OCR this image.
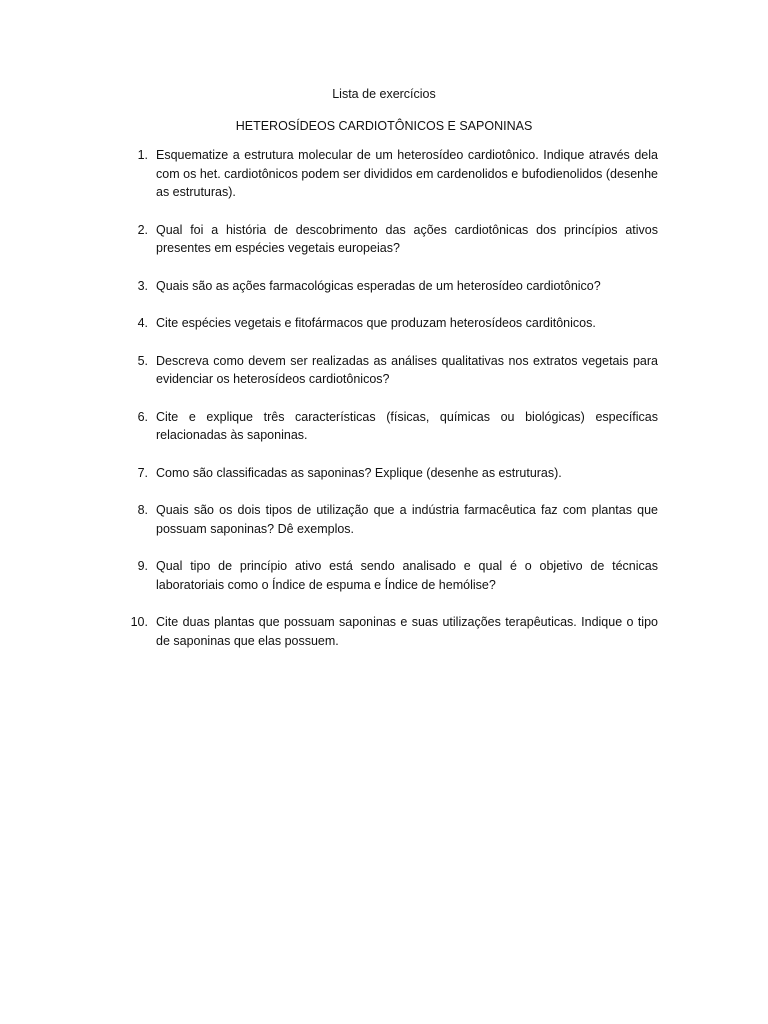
Lista de exercícios
HETEROSÍDEOS CARDIOTÔNICOS E SAPONINAS
1. Esquematize a estrutura molecular de um heterosídeo cardiotônico. Indique através dela com os het. cardiotônicos podem ser divididos em cardenolidos e bufodienolidos (desenhe as estruturas).
2. Qual foi a história de descobrimento das ações cardiotônicas dos princípios ativos presentes em espécies vegetais europeias?
3. Quais são as ações farmacológicas esperadas de um heterosídeo cardiotônico?
4. Cite espécies vegetais e fitofármacos que produzam heterosídeos carditônicos.
5. Descreva como devem ser realizadas as análises qualitativas nos extratos vegetais para evidenciar os heterosídeos cardiotônicos?
6. Cite e explique três características (físicas, químicas ou biológicas) específicas relacionadas às saponinas.
7. Como são classificadas as saponinas? Explique (desenhe as estruturas).
8. Quais são os dois tipos de utilização que a indústria farmacêutica faz com plantas que possuam saponinas? Dê exemplos.
9. Qual tipo de princípio ativo está sendo analisado e qual é o objetivo de técnicas laboratoriais como o Índice de espuma e Índice de hemólise?
10. Cite duas plantas que possuam saponinas e suas utilizações terapêuticas. Indique o tipo de saponinas que elas possuem.
